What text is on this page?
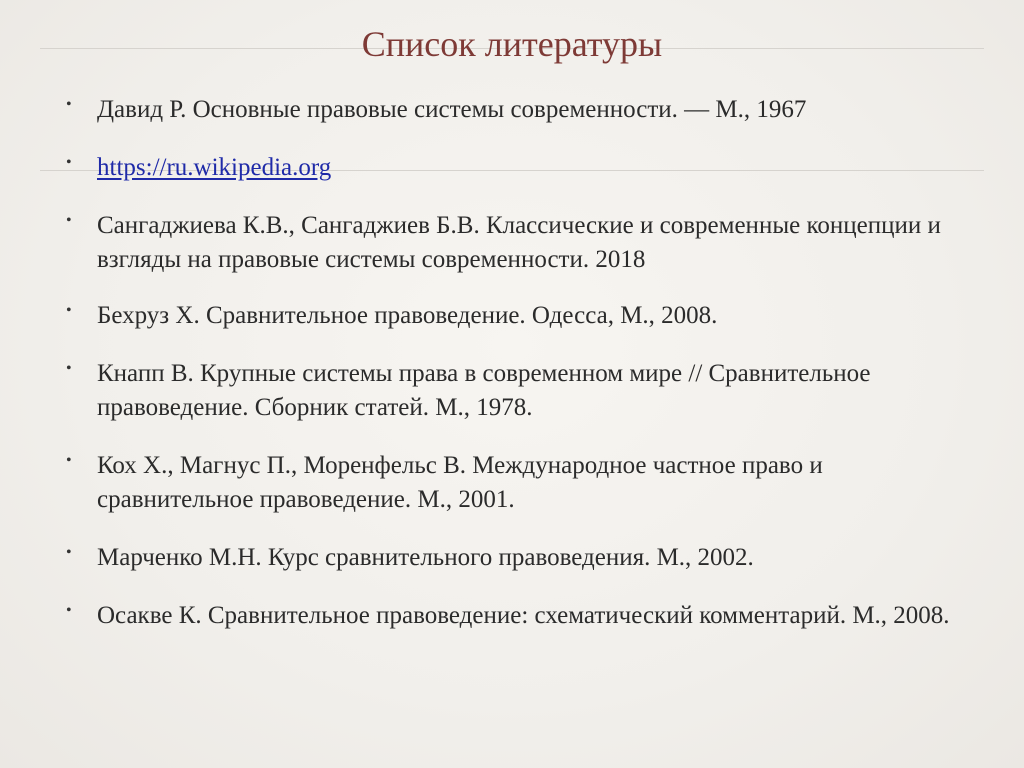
Список литературы
• Давид Р. Основные правовые системы современности. — М., 1967
• https://ru.wikipedia.org
• Сангаджиева К.В., Сангаджиев Б.В. Классические и современные концепции и взгляды на правовые системы современности. 2018
• Бехруз Х. Сравнительное правоведение. Одесса, М., 2008.
• Кнапп В. Крупные системы права в современном мире // Сравнительное правоведение. Сборник статей. М., 1978.
• Кох Х., Магнус П., Моренфельс В. Международное частное право и сравнительное правоведение. М., 2001.
• Марченко М.Н. Курс сравнительного правоведения. М., 2002.
• Осакве К. Сравнительное правоведение: схематический комментарий. М., 2008.
